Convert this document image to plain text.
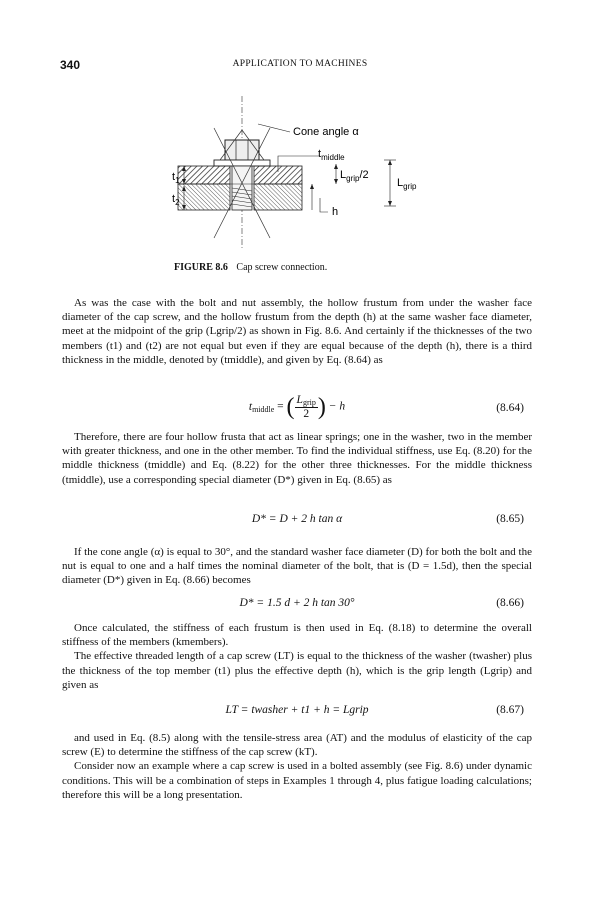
340	APPLICATION TO MACHINES
Cone angle α
$t_{middle}$
$L_{grip}/2$
$L_{grip}$
h
$t_1$
$t_2$
FIGURE 8.6 Cap screw connection.

As was the case with the bolt and nut assembly, the hollow frustum from under the washer face diameter of the cap screw, and the hollow frustum from the depth (h) at the same washer face diameter, meet at the midpoint of the grip (Lgrip/2) as shown in Fig. 8.6. And certainly if the thicknesses of the two members (t1) and (t2) are not equal but even if they are equal because of the depth (h), there is a third thickness in the middle, denoted by (tmiddle), and given by Eq. (8.64) as

$t_{middle}$ = ( $\frac{L_{grip}}{2}$ ) − h	(8.64)

Therefore, there are four hollow frusta that act as linear springs; one in the washer, two in the member with greater thickness, and one in the other member. To find the individual stiffness, use Eq. (8.20) for the middle thickness (tmiddle) and Eq. (8.22) for the other three thicknesses. For the middle thickness (tmiddle), use a corresponding special diameter (D*) given in Eq. (8.65) as

D* = D + 2 h tan α	(8.65)

If the cone angle (α) is equal to 30°, and the standard washer face diameter (D) for both the bolt and the nut is equal to one and a half times the nominal diameter of the bolt, that is (D = 1.5d), then the special diameter (D*) given in Eq. (8.66) becomes

D* = 1.5 d + 2 h tan 30°	(8.66)

Once calculated, the stiffness of each frustum is then used in Eq. (8.18) to determine the overall stiffness of the members (kmembers).

The effective threaded length of a cap screw (LT) is equal to the thickness of the washer (twasher) plus the thickness of the top member (t1) plus the effective depth (h), which is the grip length (Lgrip) and given as

LT = twasher + t1 + h = Lgrip	(8.67)

and used in Eq. (8.5) along with the tensile-stress area (AT) and the modulus of elasticity of the cap screw (E) to determine the stiffness of the cap screw (kT).

Consider now an example where a cap screw is used in a bolted assembly (see Fig. 8.6) under dynamic conditions. This will be a combination of steps in Examples 1 through 4, plus fatigue loading calculations; therefore this will be a long presentation.
